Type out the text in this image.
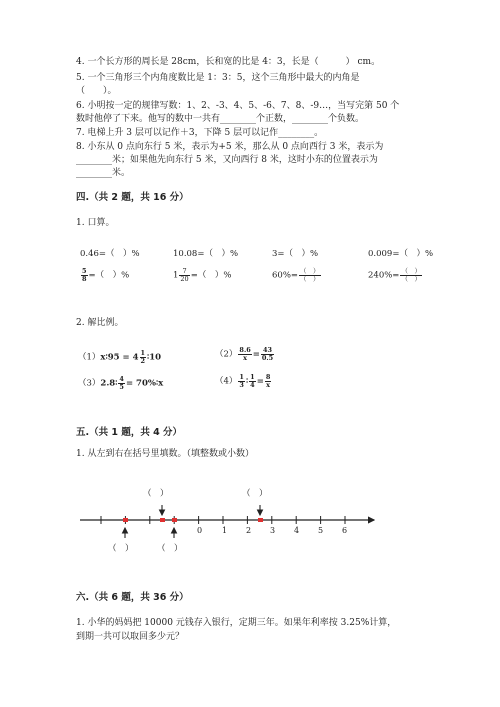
4. 一个长方形的周长是 28cm，长和宽的比是 4：3，长是（　　　） cm。
5. 一个三角形三个内角度数比是 1：3：5，这个三角形中最大的内角是
（　　）。
6. 小明按一定的规律写数：1、2、-3、4、5、-6、7、8、-9…，当写完第 50 个
数时他停了下来。他写的数中一共有________个正数，________个负数。
7. 电梯上升 3 层可以记作＋3，下降 5 层可以记作________。
8. 小东从 0 点向东行 5 米，表示为+5 米，那么从 0 点向西行 3 米，表示为
________米；如果他先向东行 5 米，又向西行 8 米，这时小东的位置表示为
________米。
四.（共 2 题，共 16 分）
1. 口算。
0.46=（　）%	10.08=（　）%	3=（　）%	0.009=（　）%
$\frac{5}{8}$ =（　）%	$1 \frac{7}{20}$ =（　）%	$60\%= \frac{( )}{( )}$	$240\%= \frac{( )}{( )}$
2. 解比例。
（1）x∶95 = $4 \frac{1}{2}$ ∶10	$(2) \frac{8.6}{x} = \frac{43}{0.5}$
（3）2.8∶ $\frac{4}{5}$ = 70%∶x	$(4) \frac{1}{3}$ ∶ $\frac{1}{4} = \frac{8}{x}$
五.（共 1 题，共 4 分）
1. 从左到右在括号里填数。（填整数或小数）
0 1 2 3 4 5 6
（　）	（　）
（　）	（　）
六.（共 6 题，共 36 分）
1. 小华的妈妈把 10000 元钱存入银行，定期三年。如果年利率按 3.25%计算，
到期一共可以取回多少元？
